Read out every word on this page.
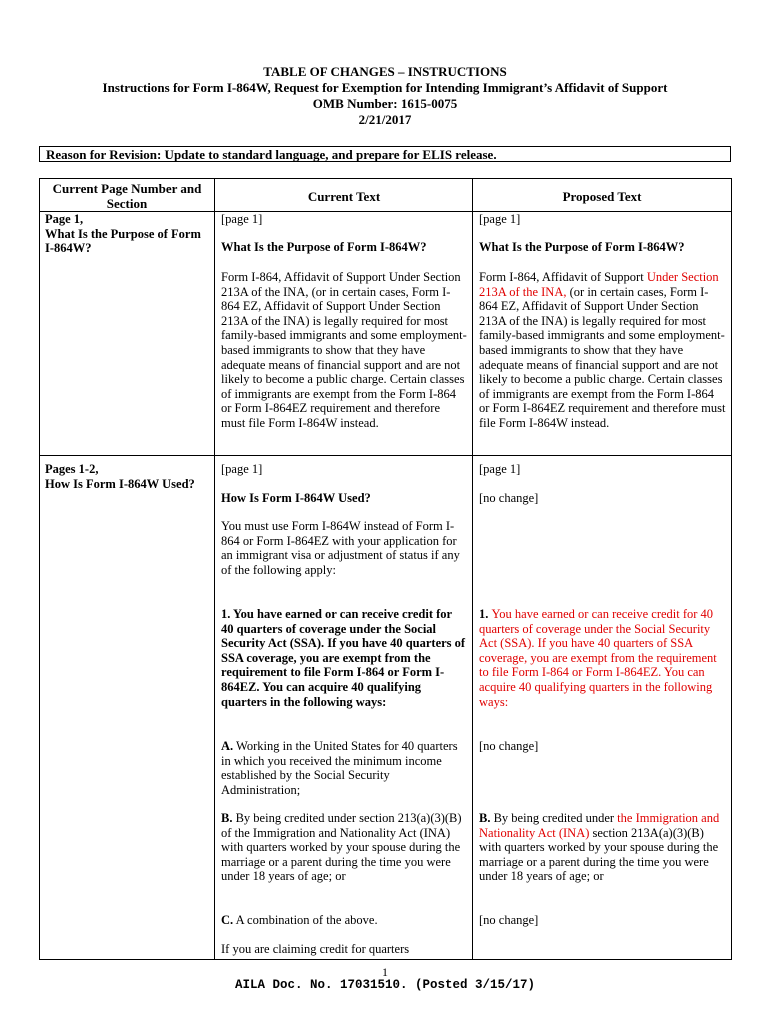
TABLE OF CHANGES – INSTRUCTIONS
Instructions for Form I-864W, Request for Exemption for Intending Immigrant’s Affidavit of Support
OMB Number: 1615-0075
2/21/2017
Reason for Revision: Update to standard language, and prepare for ELIS release.
Current Page Number and Section	Current Text	Proposed Text
Page 1,
What Is the Purpose of Form I-864W?
[page 1]
What Is the Purpose of Form I-864W?
Form I-864, Affidavit of Support Under Section 213A of the INA, (or in certain cases, Form I-864 EZ, Affidavit of Support Under Section 213A of the INA) is legally required for most family-based immigrants and some employment- based immigrants to show that they have adequate means of financial support and are not likely to become a public charge. Certain classes of immigrants are exempt from the Form I-864 or Form I-864EZ requirement and therefore must file Form I-864W instead.
[page 1]
What Is the Purpose of Form I-864W?
Form I-864, Affidavit of Support Under Section 213A of the INA, (or in certain cases, Form I-864 EZ, Affidavit of Support Under Section 213A of the INA) is legally required for most family-based immigrants and some employment-based immigrants to show that they have adequate means of financial support and are not likely to become a public charge. Certain classes of immigrants are exempt from the Form I-864 or Form I-864EZ requirement and therefore must file Form I-864W instead.
Pages 1-2,
How Is Form I-864W Used?
[page 1]
How Is Form I-864W Used?
You must use Form I-864W instead of Form I-864 or Form I-864EZ with your application for an immigrant visa or adjustment of status if any of the following apply:
1. You have earned or can receive credit for 40 quarters of coverage under the Social Security Act (SSA). If you have 40 quarters of SSA coverage, you are exempt from the requirement to file Form I-864 or Form I-864EZ. You can acquire 40 qualifying quarters in the following ways:
A. Working in the United States for 40 quarters in which you received the minimum income established by the Social Security Administration;
B. By being credited under section 213(a)(3)(B) of the Immigration and Nationality Act (INA) with quarters worked by your spouse during the marriage or a parent during the time you were under 18 years of age; or
C. A combination of the above.
If you are claiming credit for quarters
[page 1]
[no change]
1. You have earned or can receive credit for 40 quarters of coverage under the Social Security Act (SSA). If you have 40 quarters of SSA coverage, you are exempt from the requirement to file Form I-864 or Form I-864EZ. You can acquire 40 qualifying quarters in the following ways:
[no change]
B. By being credited under the Immigration and Nationality Act (INA) section 213A(a)(3)(B) with quarters worked by your spouse during the marriage or a parent during the time you were under 18 years of age; or
[no change]
1
AILA Doc. No. 17031510. (Posted 3/15/17)
